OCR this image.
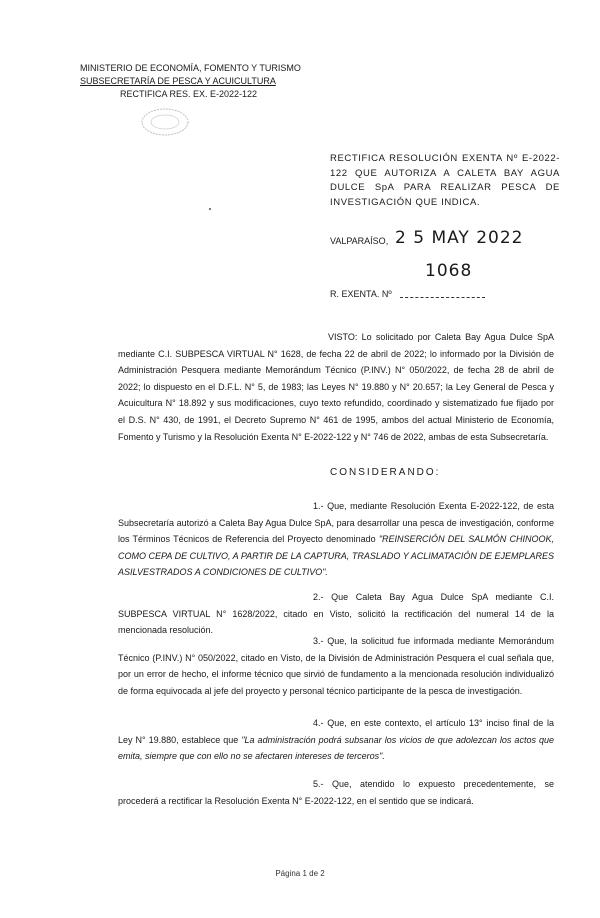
MINISTERIO DE ECONOMÍA, FOMENTO Y TURISMO
SUBSECRETARÍA DE PESCA Y ACUICULTURA
RECTIFICA RES. EX. E-2022-122
RECTIFICA RESOLUCIÓN EXENTA Nº E-2022-122 QUE AUTORIZA A CALETA BAY AGUA DULCE SpA PARA REALIZAR PESCA DE INVESTIGACIÓN QUE INDICA.
VALPARAÍSO, 2 5 MAY 2022
1068
R. EXENTA. Nº
VISTO: Lo solicitado por Caleta Bay Agua Dulce SpA mediante C.I. SUBPESCA VIRTUAL N° 1628, de fecha 22 de abril de 2022; lo informado por la División de Administración Pesquera mediante Memorándum Técnico (P.INV.) N° 050/2022, de fecha 28 de abril de 2022; lo dispuesto en el D.F.L. N° 5, de 1983; las Leyes N° 19.880 y N° 20.657; la Ley General de Pesca y Acuicultura N° 18.892 y sus modificaciones, cuyo texto refundido, coordinado y sistematizado fue fijado por el D.S. N° 430, de 1991, el Decreto Supremo N° 461 de 1995, ambos del actual Ministerio de Economía, Fomento y Turismo y la Resolución Exenta N° E-2022-122 y N° 746 de 2022, ambas de esta Subsecretaría.
CONSIDERANDO:
1.- Que, mediante Resolución Exenta E-2022-122, de esta Subsecretaría autorizó a Caleta Bay Agua Dulce SpA, para desarrollar una pesca de investigación, conforme los Términos Técnicos de Referencia del Proyecto denominado "REINSERCIÓN DEL SALMÓN CHINOOK, COMO CEPA DE CULTIVO, A PARTIR DE LA CAPTURA, TRASLADO Y ACLIMATACIÓN DE EJEMPLARES ASILVESTRADOS A CONDICIONES DE CULTIVO".
2.- Que Caleta Bay Agua Dulce SpA mediante C.I. SUBPESCA VIRTUAL N° 1628/2022, citado en Visto, solicitó la rectificación del numeral 14 de la mencionada resolución.
3.- Que, la solicitud fue informada mediante Memorándum Técnico (P.INV.) N° 050/2022, citado en Visto, de la División de Administración Pesquera el cual señala que, por un error de hecho, el informe técnico que sirvió de fundamento a la mencionada resolución individualizó de forma equivocada al jefe del proyecto y personal técnico participante de la pesca de investigación.
4.- Que, en este contexto, el artículo 13° inciso final de la Ley N° 19.880, establece que "La administración podrá subsanar los vicios de que adolezcan los actos que emita, siempre que con ello no se afectaren intereses de terceros".
5.- Que, atendido lo expuesto precedentemente, se procederá a rectificar la Resolución Exenta N° E-2022-122, en el sentido que se indicará.
Página 1 de 2
